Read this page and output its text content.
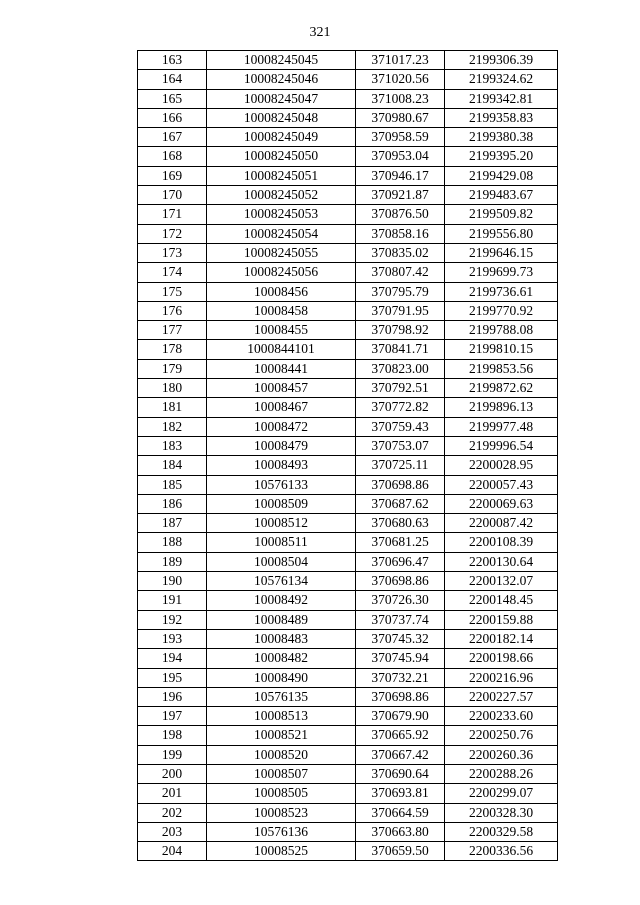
321
163	10008245045	371017.23	2199306.39
164	10008245046	371020.56	2199324.62
165	10008245047	371008.23	2199342.81
166	10008245048	370980.67	2199358.83
167	10008245049	370958.59	2199380.38
168	10008245050	370953.04	2199395.20
169	10008245051	370946.17	2199429.08
170	10008245052	370921.87	2199483.67
171	10008245053	370876.50	2199509.82
172	10008245054	370858.16	2199556.80
173	10008245055	370835.02	2199646.15
174	10008245056	370807.42	2199699.73
175	10008456	370795.79	2199736.61
176	10008458	370791.95	2199770.92
177	10008455	370798.92	2199788.08
178	1000844101	370841.71	2199810.15
179	10008441	370823.00	2199853.56
180	10008457	370792.51	2199872.62
181	10008467	370772.82	2199896.13
182	10008472	370759.43	2199977.48
183	10008479	370753.07	2199996.54
184	10008493	370725.11	2200028.95
185	10576133	370698.86	2200057.43
186	10008509	370687.62	2200069.63
187	10008512	370680.63	2200087.42
188	10008511	370681.25	2200108.39
189	10008504	370696.47	2200130.64
190	10576134	370698.86	2200132.07
191	10008492	370726.30	2200148.45
192	10008489	370737.74	2200159.88
193	10008483	370745.32	2200182.14
194	10008482	370745.94	2200198.66
195	10008490	370732.21	2200216.96
196	10576135	370698.86	2200227.57
197	10008513	370679.90	2200233.60
198	10008521	370665.92	2200250.76
199	10008520	370667.42	2200260.36
200	10008507	370690.64	2200288.26
201	10008505	370693.81	2200299.07
202	10008523	370664.59	2200328.30
203	10576136	370663.80	2200329.58
204	10008525	370659.50	2200336.56
